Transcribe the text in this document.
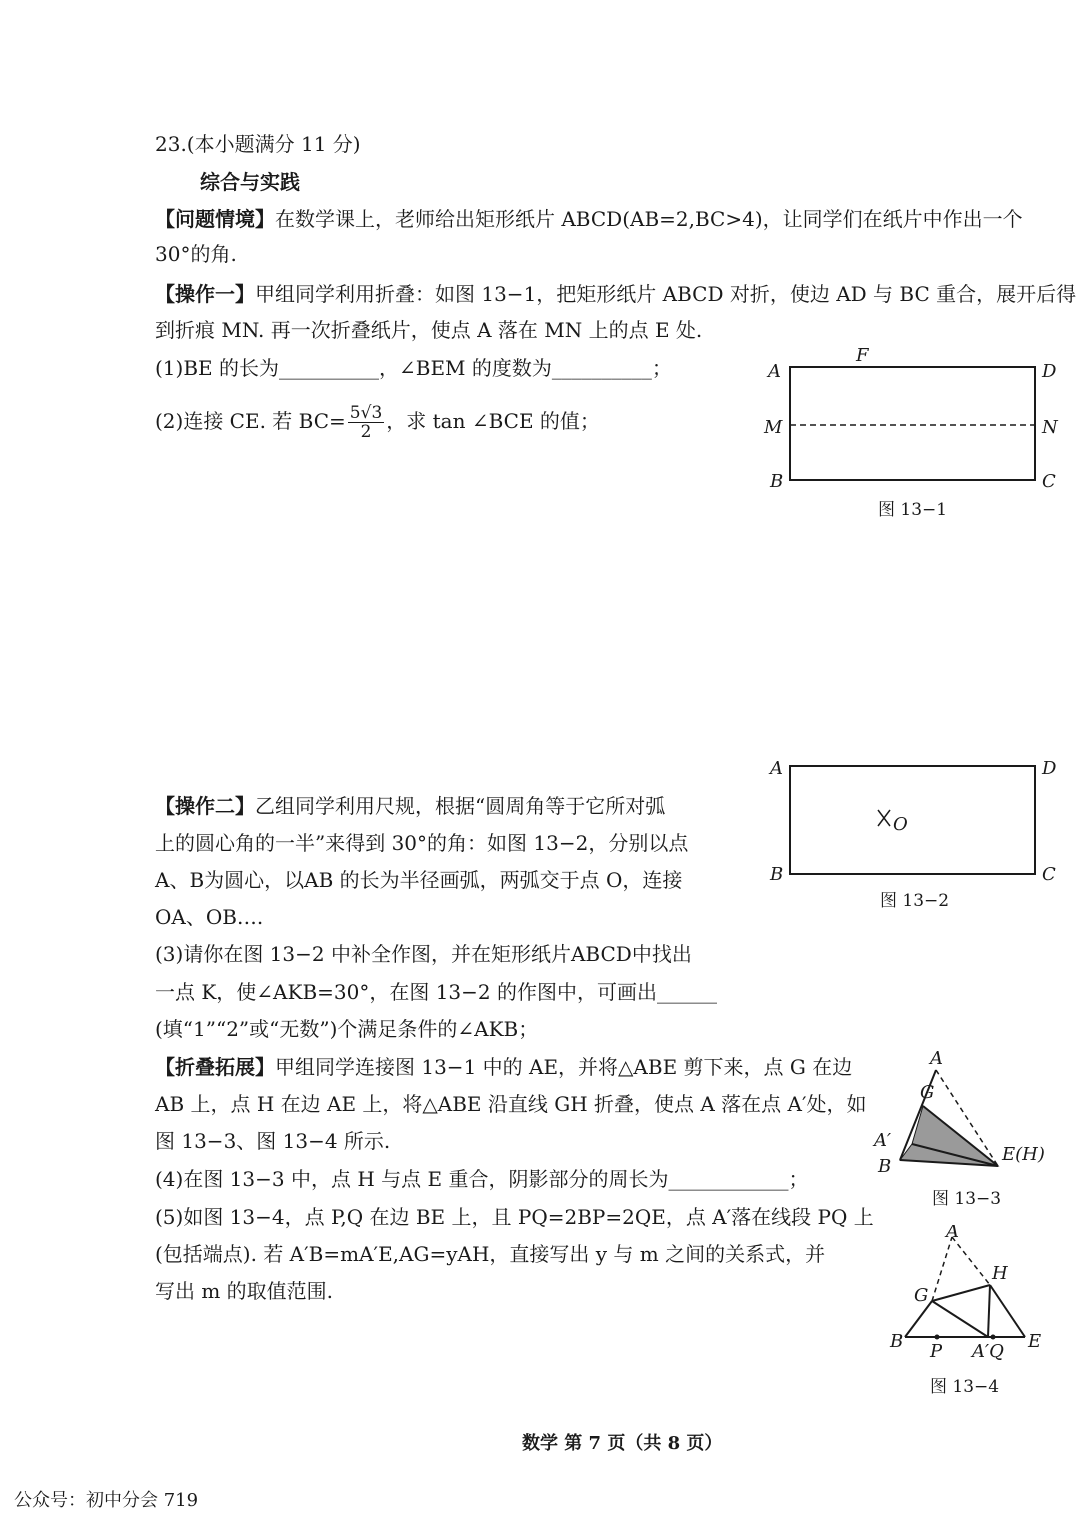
23.(本小题满分 11 分)
综合与实践
【问题情境】在数学课上，老师给出矩形纸片 ABCD(AB=2,BC>4)，让同学们在纸片中作出一个
30°的角.
【操作一】甲组同学利用折叠：如图 13−1，把矩形纸片 ABCD 对折，使边 AD 与 BC 重合，展开后得
到折痕 MN. 再一次折叠纸片，使点 A 落在 MN 上的点 E 处.
(1)BE 的长为__________，∠BEM 的度数为__________；
(2)连接 CE. 若 $BC= \frac{5√3}{2}$ ，求 tan ∠BCE 的值；
A	D
F
M	N
B	C
图 13−1
A	D
O
B	C
图 13−2
【操作二】乙组同学利用尺规，根据“圆周角等于它所对弧
上的圆心角的一半”来得到 30°的角：如图 13−2，分别以点
A、B为圆心，以AB 的长为半径画弧，两弧交于点 O，连接
OA、OB….
(3)请你在图 13−2 中补全作图，并在矩形纸片ABCD中找出
一点 K，使∠AKB=30°，在图 13−2 的作图中，可画出______
(填“1”“2”或“无数”)个满足条件的∠AKB；
【折叠拓展】甲组同学连接图 13−1 中的 AE，并将△ABE 剪下来，点 G 在边
AB 上，点 H 在边 AE 上，将△ABE 沿直线 GH 折叠，使点 A 落在点 A′处，如
图 13−3、图 13−4 所示.
(4)在图 13−3 中，点 H 与点 E 重合，阴影部分的周长为____________；
(5)如图 13−4，点 P,Q 在边 BE 上，且 PQ=2BP=2QE，点 A′落在线段 PQ 上
(包括端点). 若 A′B=mA′E,AG=yAH，直接写出 y 与 m 之间的关系式，并
写出 m 的取值范围.
A
G
A′
B
E(H)
图 13−3
A
H
G
B P A′Q E
图 13−4
数学 第 7 页（共 8 页）
公众号：初中分会 719
